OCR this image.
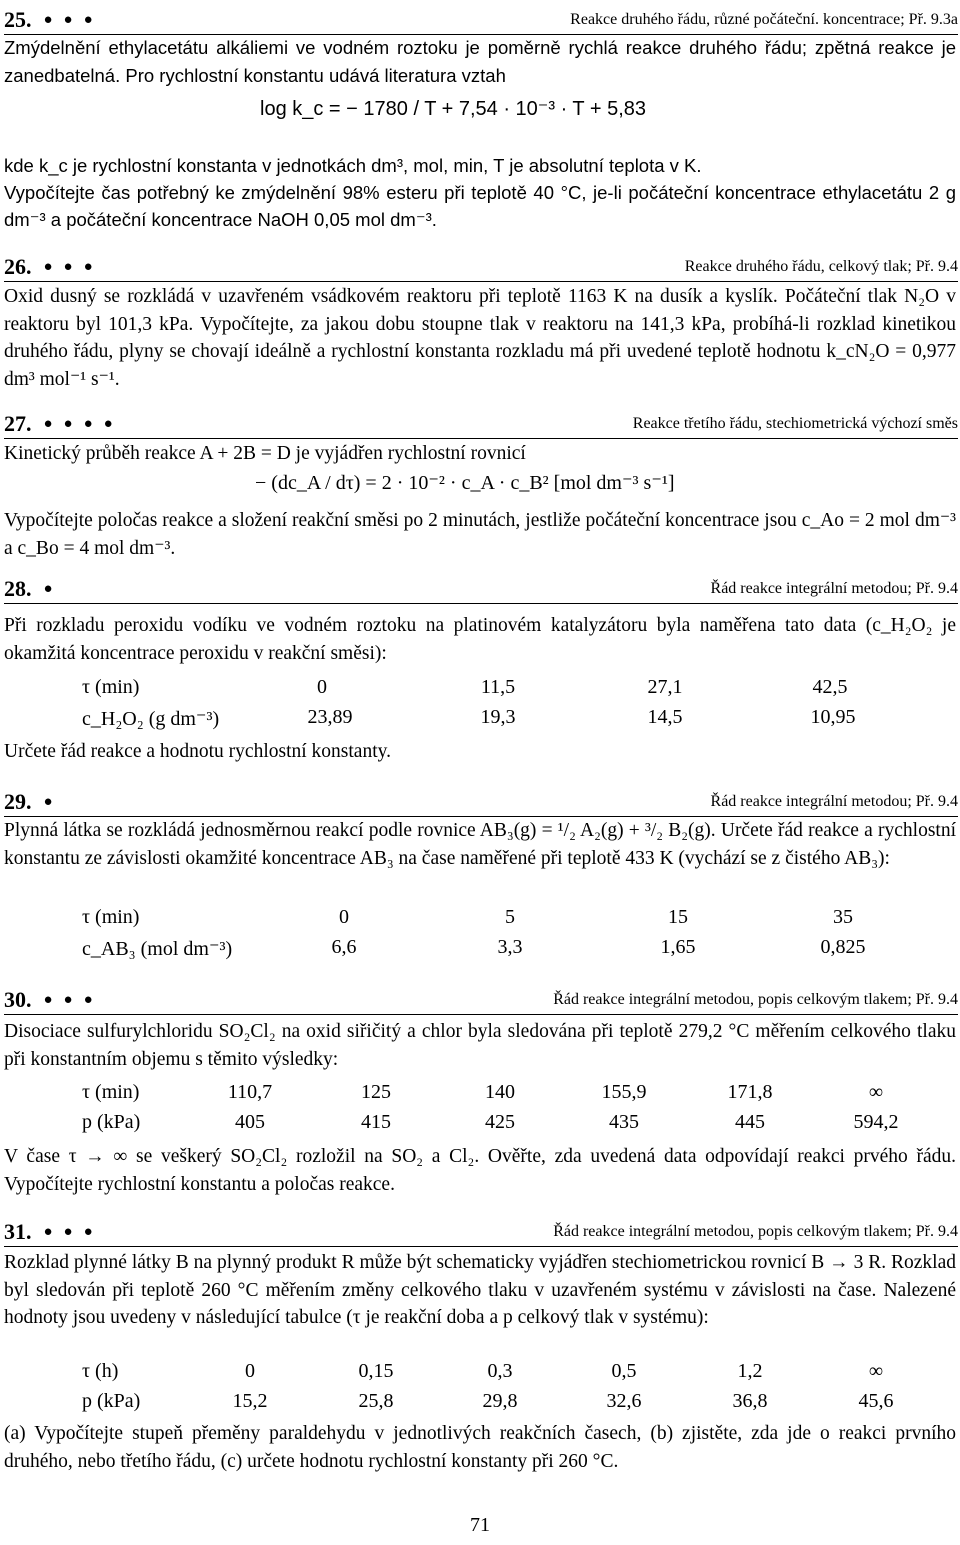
25. ●●●	Reakce druhého řádu, různé počáteční. koncentrace; Př. 9.3a
Zmýdelnění ethylacetátu alkáliemi ve vodném roztoku je poměrně rychlá reakce druhého řádu; zpětná reakce je zanedbatelná. Pro rychlostní konstantu udává literatura vztah
log k_c = − 1780 / T + 7,54 · 10⁻³ · T + 5,83
kde k_c je rychlostní konstanta v jednotkách dm³, mol, min, T je absolutní teplota v K.
Vypočítejte čas potřebný ke zmýdelnění 98% esteru při teplotě 40 °C, je-li počáteční koncentrace ethylacetátu 2 g dm⁻³ a počáteční koncentrace NaOH 0,05 mol dm⁻³.
26. ●●●	Reakce druhého řádu, celkový tlak; Př. 9.4
Oxid dusný se rozkládá v uzavřeném vsádkovém reaktoru při teplotě 1163 K na dusík a kyslík. Počáteční tlak N₂O v reaktoru byl 101,3 kPa. Vypočítejte, za jakou dobu stoupne tlak v reaktoru na 141,3 kPa, probíhá-li rozklad kinetikou druhého řádu, plyny se chovají ideálně a rychlostní konstanta rozkladu má při uvedené teplotě hodnotu k_cN₂O = 0,977 dm³ mol⁻¹ s⁻¹.
27. ●●●●	Reakce třetího řádu, stechiometrická výchozí směs
Kinetický průběh reakce A + 2B = D je vyjádřen rychlostní rovnicí
− (dc_A / dτ) = 2 · 10⁻² · c_A · c_B² [mol dm⁻³ s⁻¹]
Vypočítejte poločas reakce a složení reakční směsi po 2 minutách, jestliže počáteční koncentrace jsou c_Ao = 2 mol dm⁻³ a c_Bo = 4 mol dm⁻³.
28. ●	Řád reakce integrální metodou; Př. 9.4
Při rozkladu peroxidu vodíku ve vodném roztoku na platinovém katalyzátoru byla naměřena tato data (c_H₂O₂ je okamžitá koncentrace peroxidu v reakční směsi):
τ (min)	0	11,5	27,1	42,5
c_H₂O₂ (g dm⁻³)	23,89	19,3	14,5	10,95
Určete řád reakce a hodnotu rychlostní konstanty.
29. ●	Řád reakce integrální metodou; Př. 9.4
Plynná látka se rozkládá jednosměrnou reakcí podle rovnice AB₃(g) = ¹/₂ A₂(g) + ³/₂ B₂(g). Určete řád reakce a rychlostní konstantu ze závislosti okamžité koncentrace AB₃ na čase naměřené při teplotě 433 K (vychází se z čistého AB₃):
τ (min)	0	5	15	35
c_AB₃ (mol dm⁻³)	6,6	3,3	1,65	0,825
30. ●●●	Řád reakce integrální metodou, popis celkovým tlakem; Př. 9.4
Disociace sulfurylchloridu SO₂Cl₂ na oxid siřičitý a chlor byla sledována při teplotě 279,2 °C měřením celkového tlaku při konstantním objemu s těmito výsledky:
τ (min)	110,7	125	140	155,9	171,8	∞
p (kPa)	405	415	425	435	445	594,2
V čase τ → ∞ se veškerý SO₂Cl₂ rozložil na SO₂ a Cl₂. Ověřte, zda uvedená data odpovídají reakci prvého řádu. Vypočítejte rychlostní konstantu a poločas reakce.
31. ●●●	Řád reakce integrální metodou, popis celkovým tlakem; Př. 9.4
Rozklad plynné látky B na plynný produkt R může být schematicky vyjádřen stechiometrickou rovnicí B → 3 R. Rozklad byl sledován při teplotě 260 °C měřením změny celkového tlaku v uzavřeném systému v závislosti na čase. Nalezené hodnoty jsou uvedeny v následující tabulce (τ je reakční doba a p celkový tlak v systému):
τ (h)	0	0,15	0,3	0,5	1,2	∞
p (kPa)	15,2	25,8	29,8	32,6	36,8	45,6
(a) Vypočítejte stupeň přeměny paraldehydu v jednotlivých reakčních časech, (b) zjistěte, zda jde o reakci prvního druhého, nebo třetího řádu, (c) určete hodnotu rychlostní konstanty při 260 °C.
71
